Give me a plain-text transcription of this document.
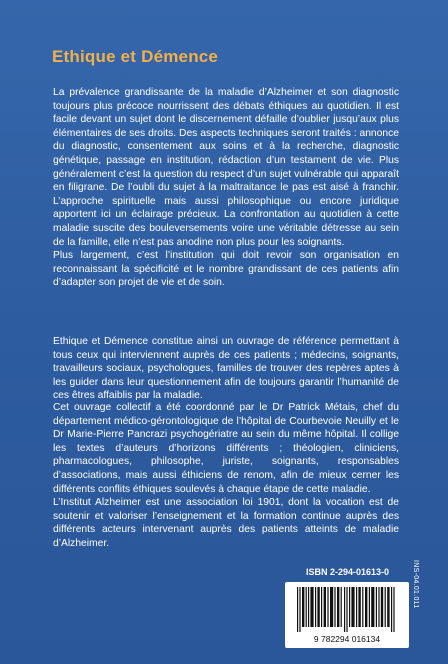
Ethique et Démence

La prévalence grandissante de la maladie d’Alzheimer et son diagnostic toujours plus précoce nourrissent des débats éthiques au quotidien. Il est facile devant un sujet dont le discernement défaille d’oublier jusqu’aux plus élémentaires de ses droits. Des aspects techniques seront traités : annonce du diagnostic, consentement aux soins et à la recherche, diagnostic génétique, passage en institution, rédaction d’un testament de vie. Plus généralement c’est la question du respect d’un sujet vulnérable qui apparaît en filigrane. De l’oubli du sujet à la maltraitance le pas est aisé à franchir. L’approche spirituelle mais aussi philosophique ou encore juridique apportent ici un éclairage précieux. La confrontation au quotidien à cette maladie suscite des bouleversements voire une véritable détresse au sein de la famille, elle n’est pas anodine non plus pour les soignants.

Plus largement, c’est l’institution qui doit revoir son organisation en reconnaissant la spécificité et le nombre grandissant de ces patients afin d’adapter son projet de vie et de soin.

Ethique et Démence constitue ainsi un ouvrage de référence permettant à tous ceux qui interviennent auprès de ces patients ; médecins, soignants, travailleurs sociaux, psychologues, familles de trouver des repères aptes à les guider dans leur questionnement afin de toujours garantir l’humanité de ces êtres affaiblis par la maladie.

Cet ouvrage collectif a été coordonné par le Dr Patrick Métais, chef du département médico-gérontologique de l’hôpital de Courbevoie Neuilly et le Dr Marie-Pierre Pancrazi psychogériatre au sein du même hôpital. Il collige les textes d’auteurs d’horizons différents ; théologien, cliniciens, pharmacologues, philosophe, juriste, soignants, responsables d’associations, mais aussi éthiciens de renom, afin de mieux cerner les différents conflits éthiques soulevés à chaque étape de cette maladie.

L’Institut Alzheimer est une association loi 1901, dont la vocation est de soutenir et valoriser l’enseignement et la formation continue auprès des différents acteurs intervenant auprès des patients atteints de maladie d’Alzheimer.

INS-04.01.011
ISBN 2-294-01613-0
9 782294 016134
